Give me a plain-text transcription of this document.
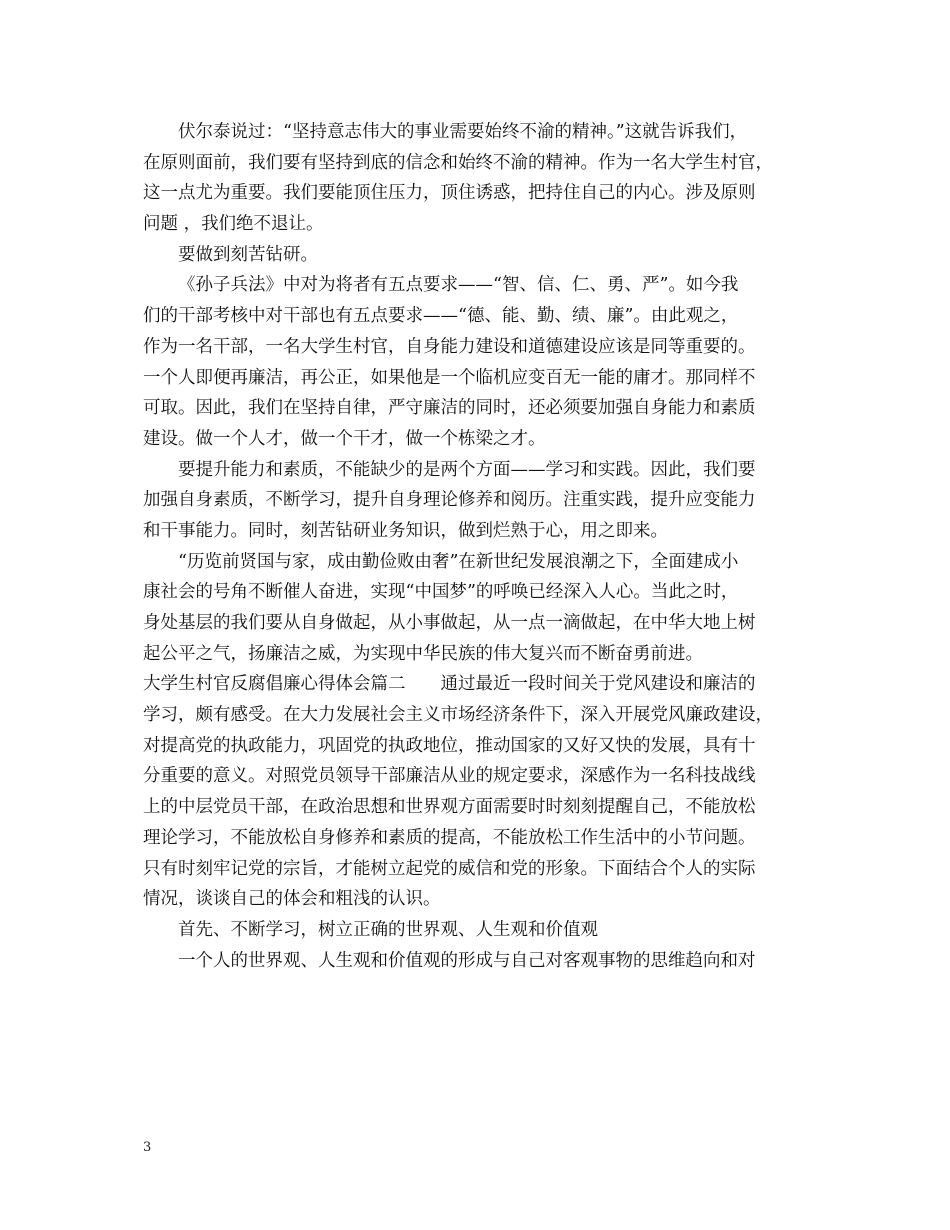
伏尔泰说过：“坚持意志伟大的事业需要始终不渝的精神。”这就告诉我们，
在原则面前，我们要有坚持到底的信念和始终不渝的精神。作为一名大学生村官，
这一点尤为重要。我们要能顶住压力，顶住诱惑，把持住自己的内心。涉及原则
问题 ，我们绝不退让。
要做到刻苦钻研。
《孙子兵法》中对为将者有五点要求——“智、信、仁、勇、严”。如今我
们的干部考核中对干部也有五点要求——“德、能、勤、绩、廉”。由此观之，
作为一名干部，一名大学生村官，自身能力建设和道德建设应该是同等重要的。
一个人即便再廉洁，再公正，如果他是一个临机应变百无一能的庸才。那同样不
可取。因此，我们在坚持自律，严守廉洁的同时，还必须要加强自身能力和素质
建设。做一个人才，做一个干才，做一个栋梁之才。
要提升能力和素质，不能缺少的是两个方面——学习和实践。因此，我们要
加强自身素质，不断学习，提升自身理论修养和阅历。注重实践，提升应变能力
和干事能力。同时，刻苦钻研业务知识，做到烂熟于心，用之即来。
“历览前贤国与家，成由勤俭败由奢”在新世纪发展浪潮之下，全面建成小
康社会的号角不断催人奋进，实现“中国梦”的呼唤已经深入人心。当此之时，
身处基层的我们要从自身做起，从小事做起，从一点一滴做起，在中华大地上树
起公平之气，扬廉洁之威，为实现中华民族的伟大复兴而不断奋勇前进。
大学生村官反腐倡廉心得体会篇二　　通过最近一段时间关于党风建设和廉洁的
学习，颇有感受。在大力发展社会主义市场经济条件下，深入开展党风廉政建设，
对提高党的执政能力，巩固党的执政地位，推动国家的又好又快的发展，具有十
分重要的意义。对照党员领导干部廉洁从业的规定要求，深感作为一名科技战线
上的中层党员干部，在政治思想和世界观方面需要时时刻刻提醒自己，不能放松
理论学习，不能放松自身修养和素质的提高，不能放松工作生活中的小节问题。
只有时刻牢记党的宗旨，才能树立起党的威信和党的形象。下面结合个人的实际
情况，谈谈自己的体会和粗浅的认识。
首先、不断学习，树立正确的世界观、人生观和价值观
一个人的世界观、人生观和价值观的形成与自己对客观事物的思维趋向和对
3
